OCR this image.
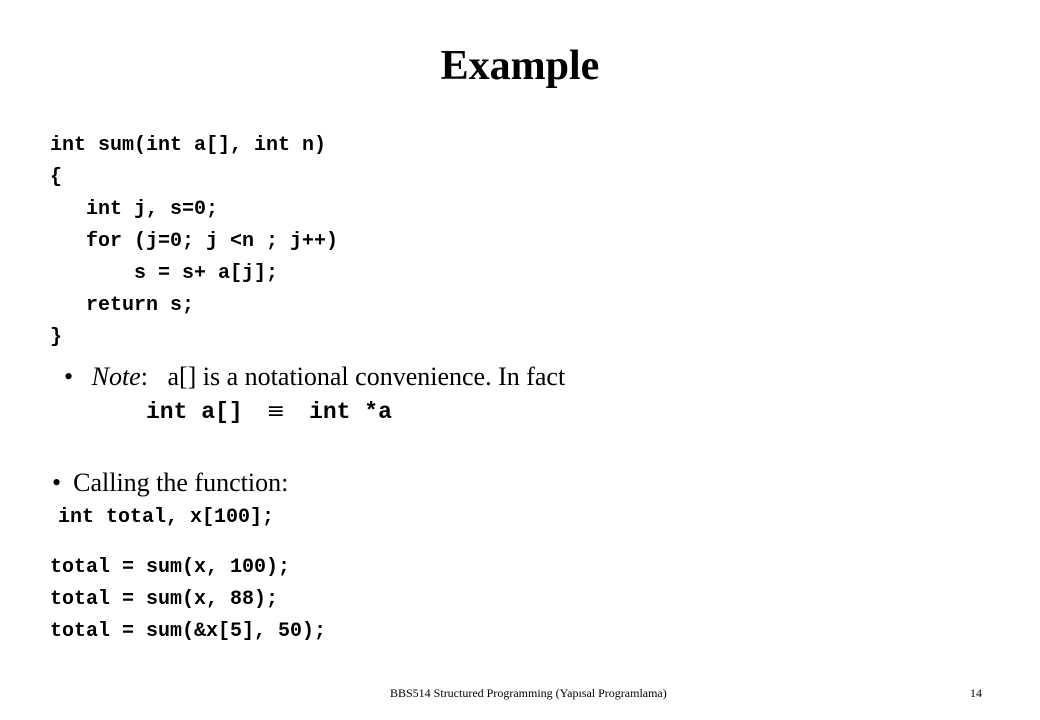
Example
int sum(int a[], int n)
{
int j, s=0;
for (j=0; j <n ; j++)
s = s+ a[j];
return s;
}
• Note:   a[] is a notational convenience. In fact
int a[] ≡ int *a
• Calling the function:
int total, x[100];
total = sum(x, 100);
total = sum(x, 88);
total = sum(&x[5], 50);
BBS514 Structured Programming (Yapısal Programlama)	14
